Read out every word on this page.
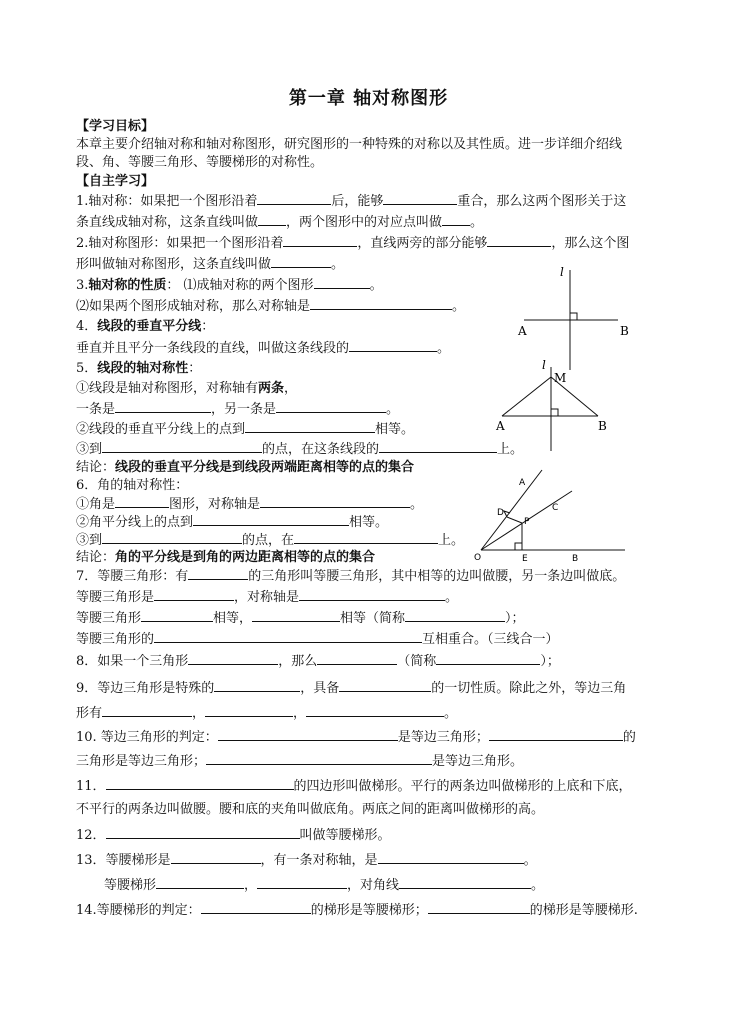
第一章 轴对称图形
【学习目标】
本章主要介绍轴对称和轴对称图形，研究图形的一种特殊的对称以及其性质。进一步详细介绍线
段、角、等腰三角形、等腰梯形的对称性。
【自主学习】
1.轴对称：如果把一个图形沿着	后，能够	重合，那么这两个图形关于这
条直线成轴对称，这条直线叫做 ，两个图形中的对应点叫做 。
2.轴对称图形：如果把一个图形沿着	，直线两旁的部分能够	，那么这个图
形叫做轴对称图形，这条直线叫做	。
3.轴对称的性质： ⑴成轴对称的两个图形	。
⑵如果两个图形成轴对称，那么对称轴是	。
4．线段的垂直平分线：
垂直并且平分一条线段的直线，叫做这条线段的	。
5．线段的轴对称性：
①线段是轴对称图形，对称轴有两条，
一条是	，另一条是	。
②线段的垂直平分线上的点到	相等。
③到	的点，在这条线段的	上。
结论：线段的垂直平分线是到线段两端距离相等的点的集合
6．角的轴对称性：
①角是	图形，对称轴是	。
②角平分线上的点到	相等。
③到	的点，在	上。
结论：角的平分线是到角的两边距离相等的点的集合
7．等腰三角形：有	的三角形叫等腰三角形，其中相等的边叫做腰，另一条边叫做底。
等腰三角形是	，对称轴是	。
等腰三角形	相等，	相等（简称	）；
等腰三角形的	互相重合。（三线合一）
8．如果一个三角形	，那么	（简称	）；
9．等边三角形是特殊的	，具备	的一切性质。除此之外，等边三角
形有	，	，	。
10. 等边三角形的判定：	是等边三角形；	的
三角形是等边三角形；	是等边三角形。
11．	的四边形叫做梯形。平行的两条边叫做梯形的上底和下底，
不平行的两条边叫做腰。腰和底的夹角叫做底角。两底之间的距离叫做梯形的高。
12．	叫做等腰梯形。
13．等腰梯形是	，有一条对称轴，是	。
等腰梯形	，	，对角线	。
14.等腰梯形的判定：	的梯形是等腰梯形；	的梯形是等腰梯形.
l
A	B
l
M
A	B
A
C
D
P
O	E	B
